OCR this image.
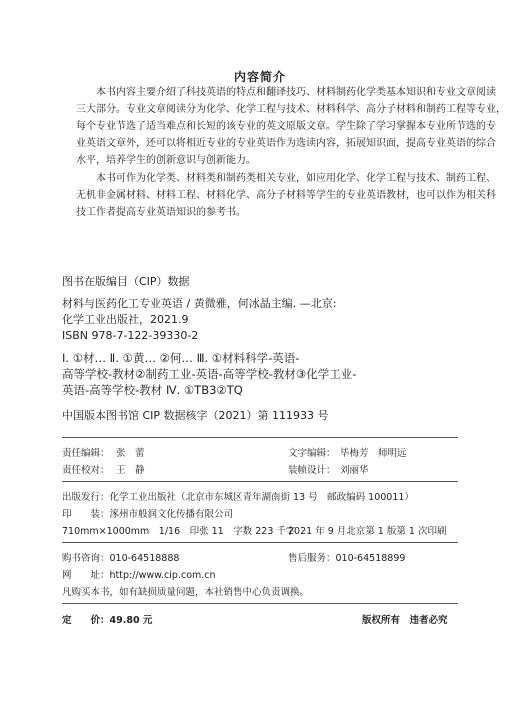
内容简介
本书内容主要介绍了科技英语的特点和翻译技巧、材料制药化学类基本知识和专业文章阅读
三大部分。专业文章阅读分为化学、化学工程与技术、材料科学、高分子材料和制药工程等专业，
每个专业节选了适当难点和长短的该专业的英文原版文章。学生除了学习掌握本专业所节选的专
业英语文章外，还可以将相近专业的专业英语作为选读内容，拓展知识面，提高专业英语的综合
水平，培养学生的创新意识与创新能力。
本书可作为化学类、材料类和制药类相关专业，如应用化学、化学工程与技术、制药工程、
无机非金属材料、材料工程、材料化学、高分子材料等学生的专业英语教材，也可以作为相关科
技工作者提高专业英语知识的参考书。
图书在版编目（CIP）数据
材料与医药化工专业英语 / 黄微雅，何冰晶主编. —北京:
化学工业出版社，2021.9
ISBN 978-7-122-39330-2
Ⅰ. ①材… Ⅱ. ①黄… ②何… Ⅲ. ①材料科学-英语-
高等学校-教材②制药工业-英语-高等学校-教材③化学工业-
英语-高等学校-教材 Ⅳ. ①TB3②TQ
中国版本图书馆 CIP 数据核字（2021）第 111933 号
责任编辑： 张　蕾	文字编辑： 毕梅芳　师明远
责任校对： 王　静	装帧设计： 刘丽华
出版发行：化学工业出版社（北京市东城区青年湖南街 13 号　邮政编码 100011）
印　　装：涿州市般润文化传播有限公司
710mm×1000mm　1/16　印张 11　字数 223 千字
2021 年 9 月北京第 1 版第 1 次印刷
购书咨询：010-64518888	售后服务：010-64518899
网　　址：http://www.cip.com.cn
凡购买本书，如有缺损质量问题，本社销售中心负责调换。
定　　价：49.80 元	版权所有　违者必究
